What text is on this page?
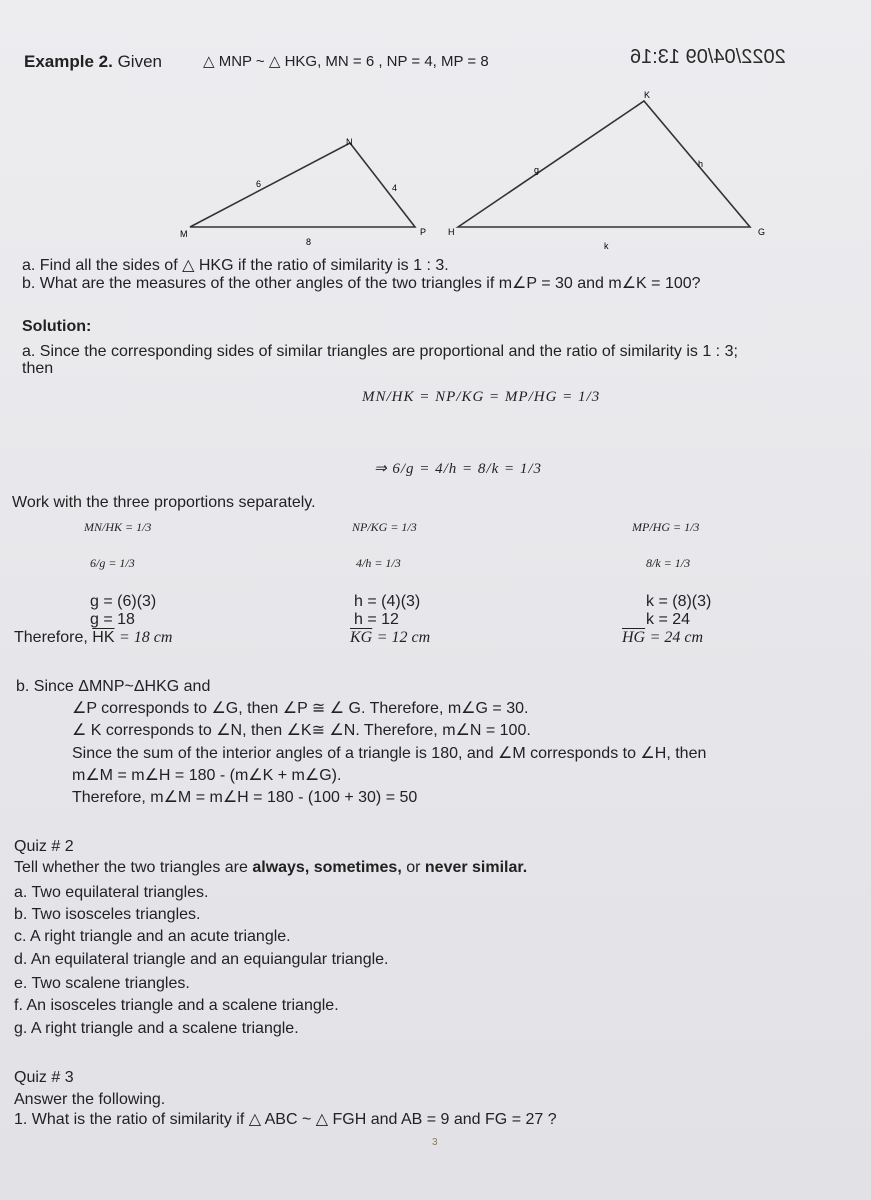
Example 2. Given	△ MNP ~ △ HKG, MN = 6 , NP = 4, MP = 8	2022/04/09 13:16
M
N
P
6	4
8
H
K
G
g
h
k
a. Find all the sides of △ HKG if the ratio of similarity is 1 : 3.
b. What are the measures of the other angles of the two triangles if m∠P = 30 and m∠K = 100?
Solution:
a. Since the corresponding sides of similar triangles are proportional and the ratio of similarity is 1 : 3;
then
MN/HK = NP/KG = MP/HG = 1/3
⇒ 6/g = 4/h = 8/k = 1/3
Work with the three proportions separately.
MN/HK = 1/3
6/g = 1/3
g = (6)(3)
g = 18
Therefore, $\overline{HK} = 18$ cm
NP/KG = 1/3
4/h = 1/3
h = (4)(3)
h = 12
$\overline{KG} = 12$ cm
MP/HG = 1/3
8/k = 1/3
k = (8)(3)
k = 24
$\overline{HG} = 24$ cm
b. Since ΔMNP~ΔHKG and
∠P corresponds to ∠G, then ∠P ≅ ∠ G. Therefore, m∠G = 30.
∠ K corresponds to ∠N, then ∠K≅ ∠N. Therefore, m∠N = 100.
Since the sum of the interior angles of a triangle is 180, and ∠M corresponds to ∠H, then
m∠M = m∠H = 180 - (m∠K + m∠G).
Therefore, m∠M = m∠H = 180 - (100 + 30) = 50
Quiz # 2
Tell whether the two triangles are always, sometimes, or never similar.
a. Two equilateral triangles.
b. Two isosceles triangles.
c. A right triangle and an acute triangle.
d. An equilateral triangle and an equiangular triangle.
e. Two scalene triangles.
f. An isosceles triangle and a scalene triangle.
g. A right triangle and a scalene triangle.
Quiz # 3
Answer the following.
1. What is the ratio of similarity if △ ABC ~ △ FGH and AB = 9 and FG = 27 ?
3
